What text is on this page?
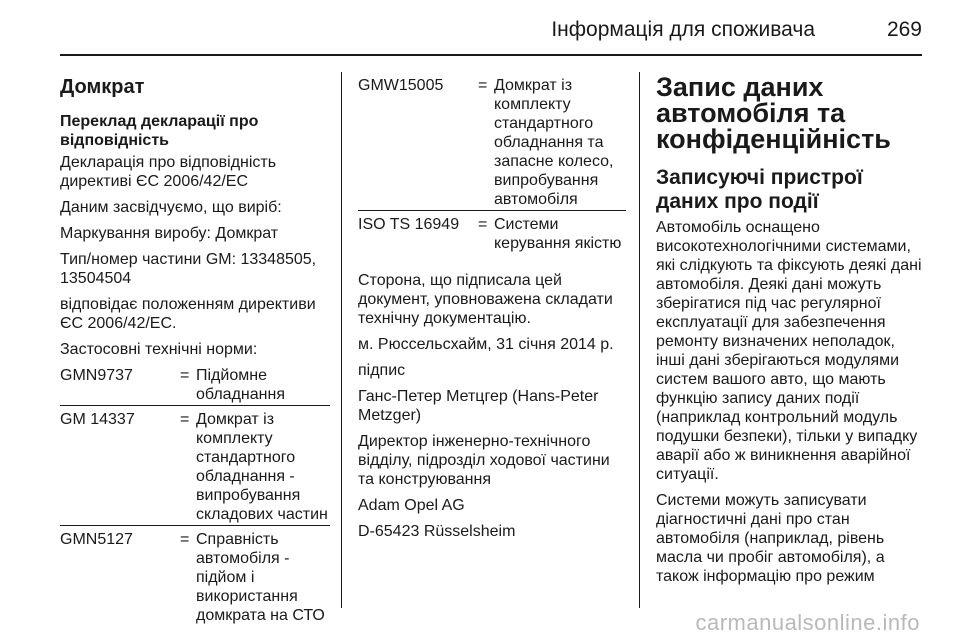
Інформація для споживача	269
Домкрат
Переклад декларації про відповідність

Декларація про відповідність директиві ЄС 2006/42/EC

Даним засвідчуємо, що виріб:

Маркування виробу: Домкрат

Тип/номер частини GM: 13348505, 13504504

відповідає положенням директиви ЄС 2006/42/EC.

Застосовні технічні норми:

GMN9737	= Підйомне обладнання
GM 14337	= Домкрат із комплекту стандартного обладнання - випробування складових частин
GMN5127	= Справність автомобіля - підйом і використання домкрата на СТО
GMW15005	= Домкрат із комплекту стандартного обладнання та запасне колесо, випробування автомобіля
ISO TS 16949	= Системи керування якістю

Сторона, що підписала цей документ, уповноважена складати технічну документацію.

м. Рюссельсхайм, 31 січня 2014 р.

підпис

Ганс-Петер Метцгер (Hans-Peter Metzger)

Директор інженерно-технічного відділу, підрозділ ходової частини та конструювання

Adam Opel AG

D-65423 Rüsselsheim

Запис даних автомобіля та конфіденційність
Записуючі пристрої даних про події

Автомобіль оснащено високотехнологічними системами, які слідкують та фіксують деякі дані автомобіля. Деякі дані можуть зберігатися під час регулярної експлуатації для забезпечення ремонту визначених неполадок, інші дані зберігаються модулями систем вашого авто, що мають функцію запису даних події (наприклад контрольний модуль подушки безпеки), тільки у випадку аварії або ж виникнення аварійної ситуації.

Системи можуть записувати діагностичні дані про стан автомобіля (наприклад, рівень масла чи пробіг автомобіля), а також інформацію про режим

carmanualsonline.info
